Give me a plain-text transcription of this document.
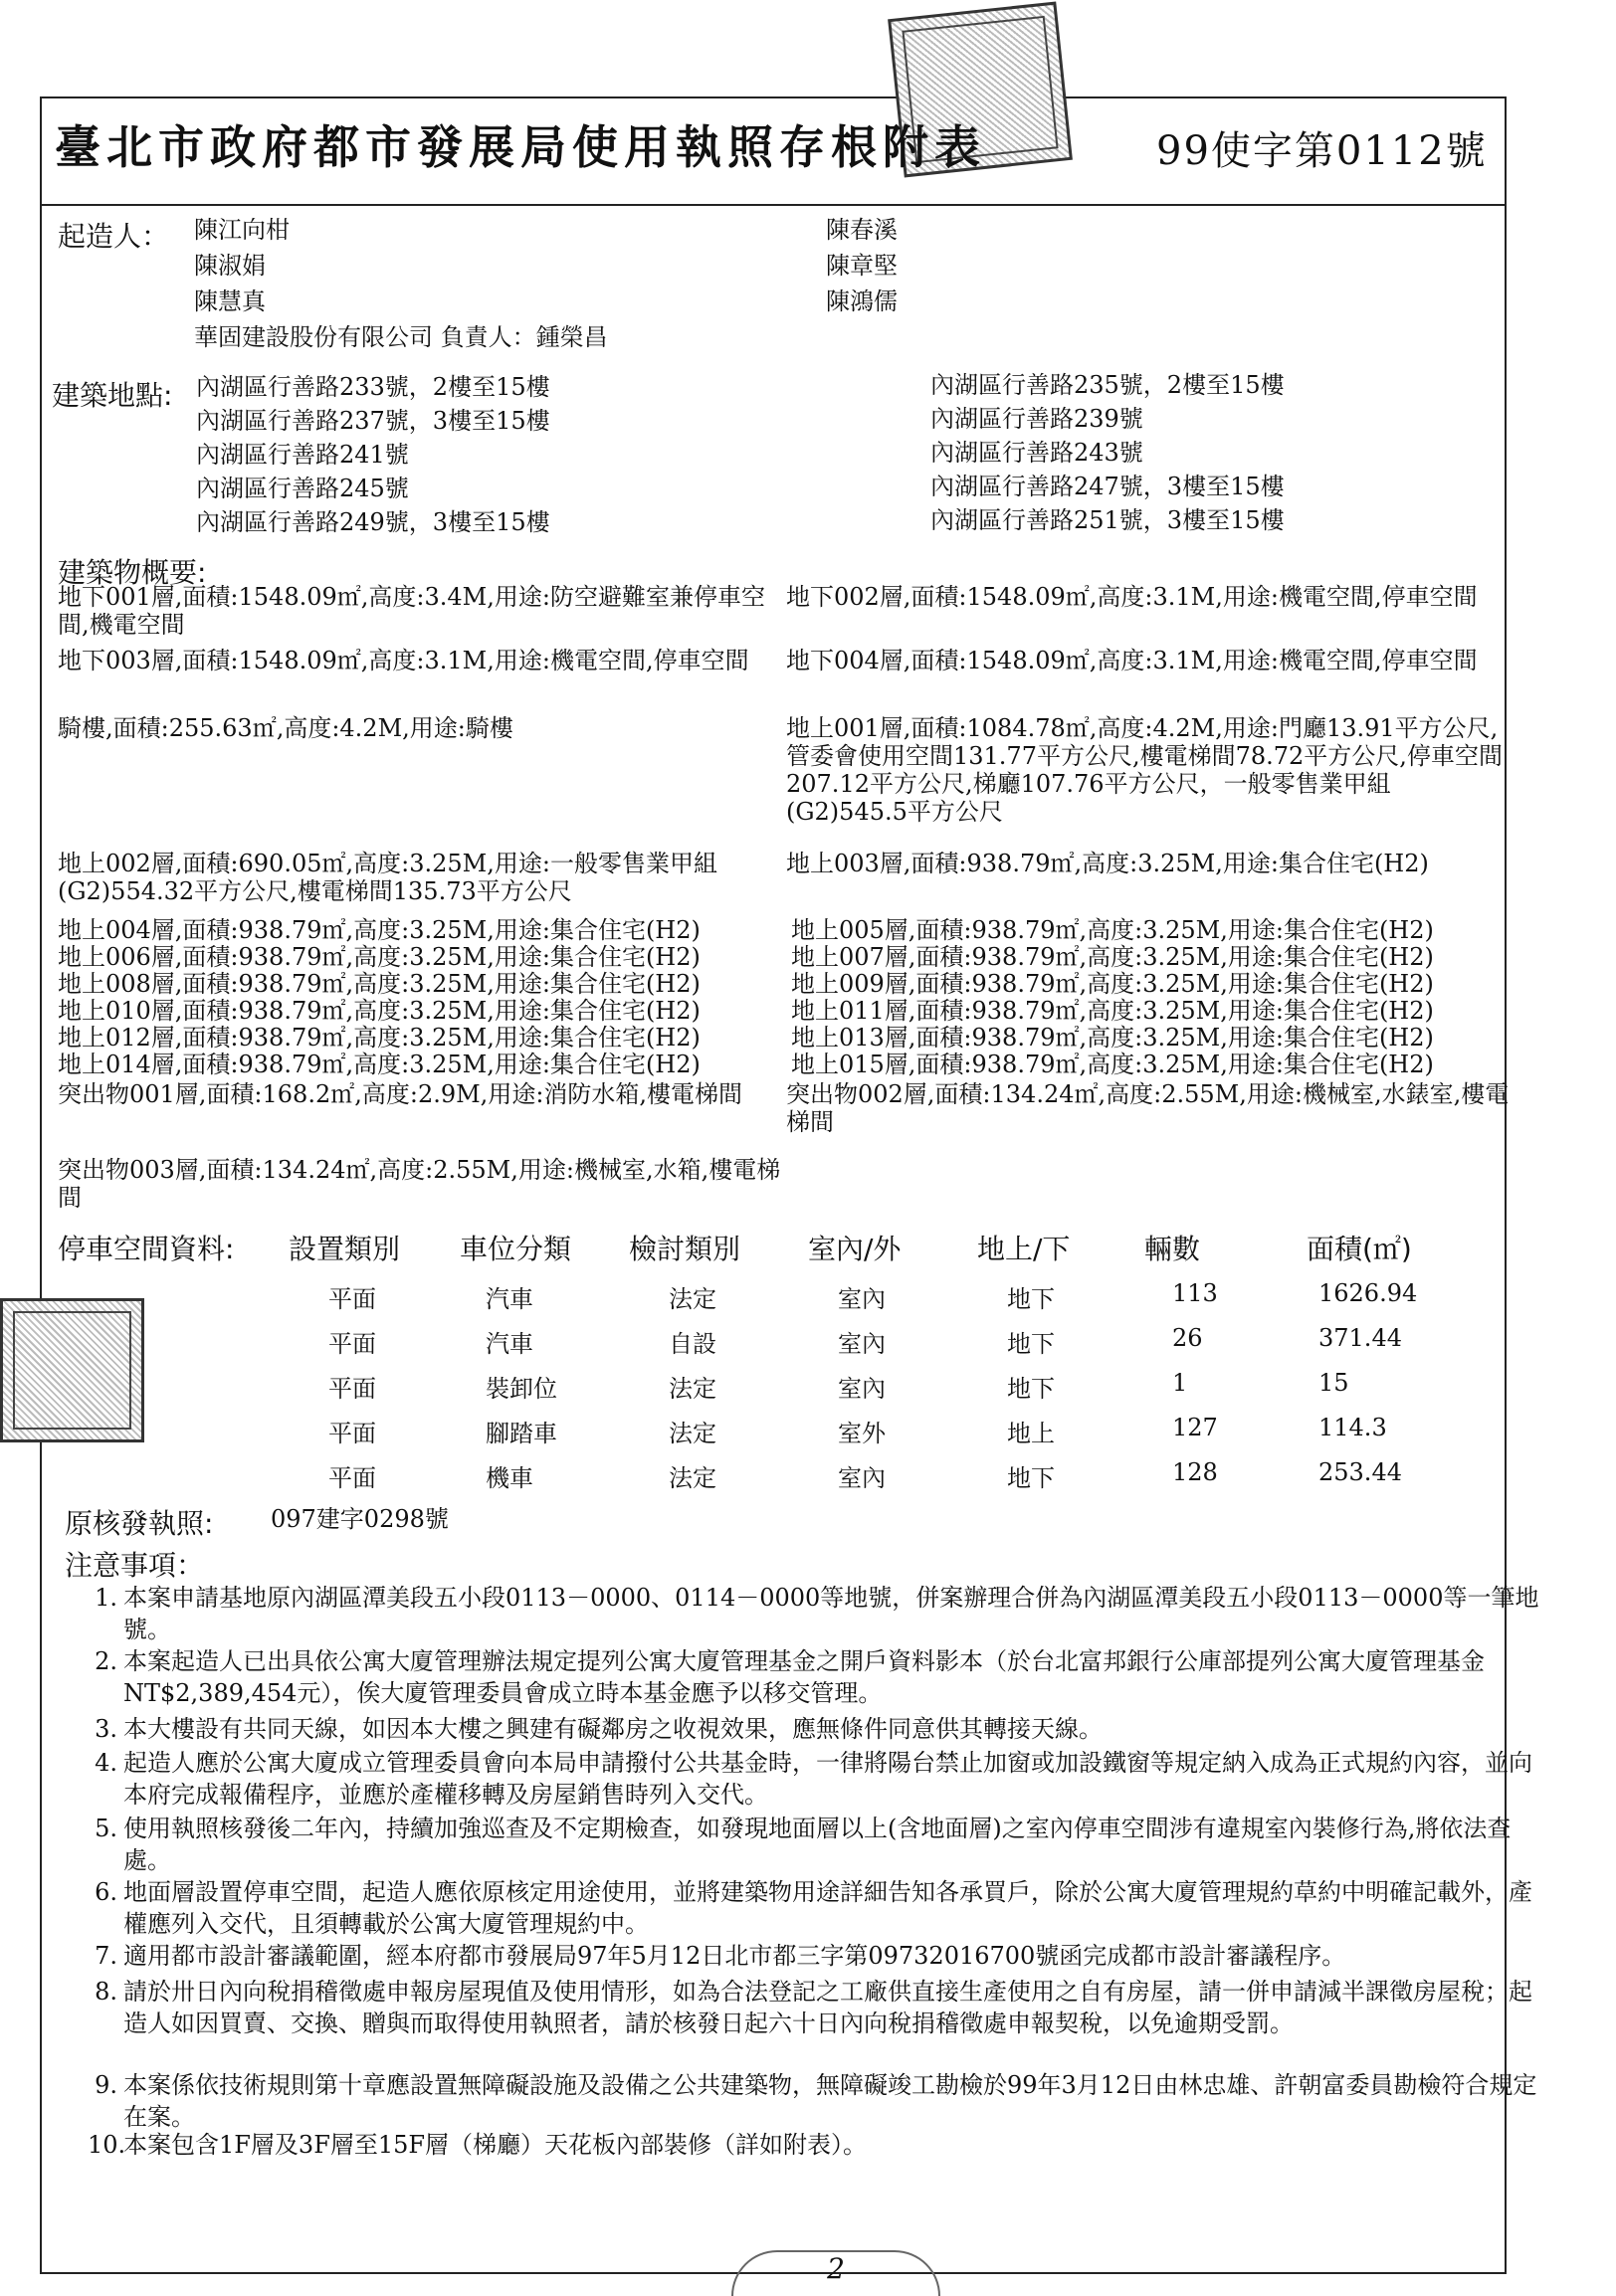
臺北市政府都市發展局使用執照存根附表	99使字第0112號
起造人： 陳江向柑
陳淑娟
陳慧真
華固建設股份有限公司 負責人：鍾榮昌
陳春溪
陳章堅
陳鴻儒
建築地點: 內湖區行善路233號，2樓至15樓
內湖區行善路237號，3樓至15樓
內湖區行善路241號
內湖區行善路245號
內湖區行善路249號，3樓至15樓
內湖區行善路235號，2樓至15樓
內湖區行善路239號
內湖區行善路243號
內湖區行善路247號，3樓至15樓
內湖區行善路251號，3樓至15樓
建築物概要:
地下001層,面積:1548.09㎡,高度:3.4M,用途:防空避難室兼停車空間,機電空間
地下002層,面積:1548.09㎡,高度:3.1M,用途:機電空間,停車空間
地下003層,面積:1548.09㎡,高度:3.1M,用途:機電空間,停車空間	地下004層,面積:1548.09㎡,高度:3.1M,用途:機電空間,停車空間
騎樓,面積:255.63㎡,高度:4.2M,用途:騎樓	地上001層,面積:1084.78㎡,高度:4.2M,用途:門廳13.91平方公尺,管委會使用空間131.77平方公尺,樓電梯間78.72平方公尺,停車空間207.12平方公尺,梯廳107.76平方公尺，一般零售業甲組(G2)545.5平方公尺
地上002層,面積:690.05㎡,高度:3.25M,用途:一般零售業甲組(G2)554.32平方公尺,樓電梯間135.73平方公尺
地上003層,面積:938.79㎡,高度:3.25M,用途:集合住宅(H2)
地上004層,面積:938.79㎡,高度:3.25M,用途:集合住宅(H2)	地上005層,面積:938.79㎡,高度:3.25M,用途:集合住宅(H2)
地上006層,面積:938.79㎡,高度:3.25M,用途:集合住宅(H2)	地上007層,面積:938.79㎡,高度:3.25M,用途:集合住宅(H2)
地上008層,面積:938.79㎡,高度:3.25M,用途:集合住宅(H2)	地上009層,面積:938.79㎡,高度:3.25M,用途:集合住宅(H2)
地上010層,面積:938.79㎡,高度:3.25M,用途:集合住宅(H2)	地上011層,面積:938.79㎡,高度:3.25M,用途:集合住宅(H2)
地上012層,面積:938.79㎡,高度:3.25M,用途:集合住宅(H2)	地上013層,面積:938.79㎡,高度:3.25M,用途:集合住宅(H2)
地上014層,面積:938.79㎡,高度:3.25M,用途:集合住宅(H2)	地上015層,面積:938.79㎡,高度:3.25M,用途:集合住宅(H2)
突出物001層,面積:168.2㎡,高度:2.9M,用途:消防水箱,樓電梯間	突出物002層,面積:134.24㎡,高度:2.55M,用途:機械室,水錶室,樓電梯間
突出物003層,面積:134.24㎡,高度:2.55M,用途:機械室,水箱,樓電梯間
停車空間資料: 設置類別 車位分類 檢討類別 室內/外	地上/下	輛數	面積(㎡)
平面	汽車	法定	室內	地下	113	1626.94
平面	汽車	自設	室內	地下	26	371.44
平面	裝卸位	法定	室內	地下	1	15
平面	腳踏車	法定	室外	地上	127	114.3
平面	機車	法定	室內	地下	128	253.44
原核發執照: 097建字0298號
注意事項：
1. 本案申請基地原內湖區潭美段五小段0113－0000、0114－0000等地號，併案辦理合併為內湖區潭美段五小段0113－0000等一筆地號。
2. 本案起造人已出具依公寓大廈管理辦法規定提列公寓大廈管理基金之開戶資料影本（於台北富邦銀行公庫部提列公寓大廈管理基金NT$2,389,454元），俟大廈管理委員會成立時本基金應予以移交管理。
3. 本大樓設有共同天線，如因本大樓之興建有礙鄰房之收視效果，應無條件同意供其轉接天線。
4. 起造人應於公寓大廈成立管理委員會向本局申請撥付公共基金時，一律將陽台禁止加窗或加設鐵窗等規定納入成為正式規約內容，並向本府完成報備程序，並應於產權移轉及房屋銷售時列入交代。
5. 使用執照核發後二年內，持續加強巡查及不定期檢查，如發現地面層以上(含地面層)之室內停車空間涉有違規室內裝修行為,將依法查處。
6. 地面層設置停車空間，起造人應依原核定用途使用，並將建築物用途詳細告知各承買戶，除於公寓大廈管理規約草約中明確記載外，產權應列入交代，且須轉載於公寓大廈管理規約中。
7. 適用都市設計審議範圍，經本府都市發展局97年5月12日北市都三字第09732016700號函完成都市設計審議程序。
8. 請於卅日內向稅捐稽徵處申報房屋現值及使用情形，如為合法登記之工廠供直接生產使用之自有房屋，請一併申請減半課徵房屋稅；起造人如因買賣、交換、贈與而取得使用執照者，請於核發日起六十日內向稅捐稽徵處申報契稅，以免逾期受罰。
9. 本案係依技術規則第十章應設置無障礙設施及設備之公共建築物，無障礙竣工勘檢於99年3月12日由林忠雄、許朝富委員勘檢符合規定在案。
10.
本案包含1F層及3F層至15F層（梯廳）天花板內部裝修（詳如附表）。
2
